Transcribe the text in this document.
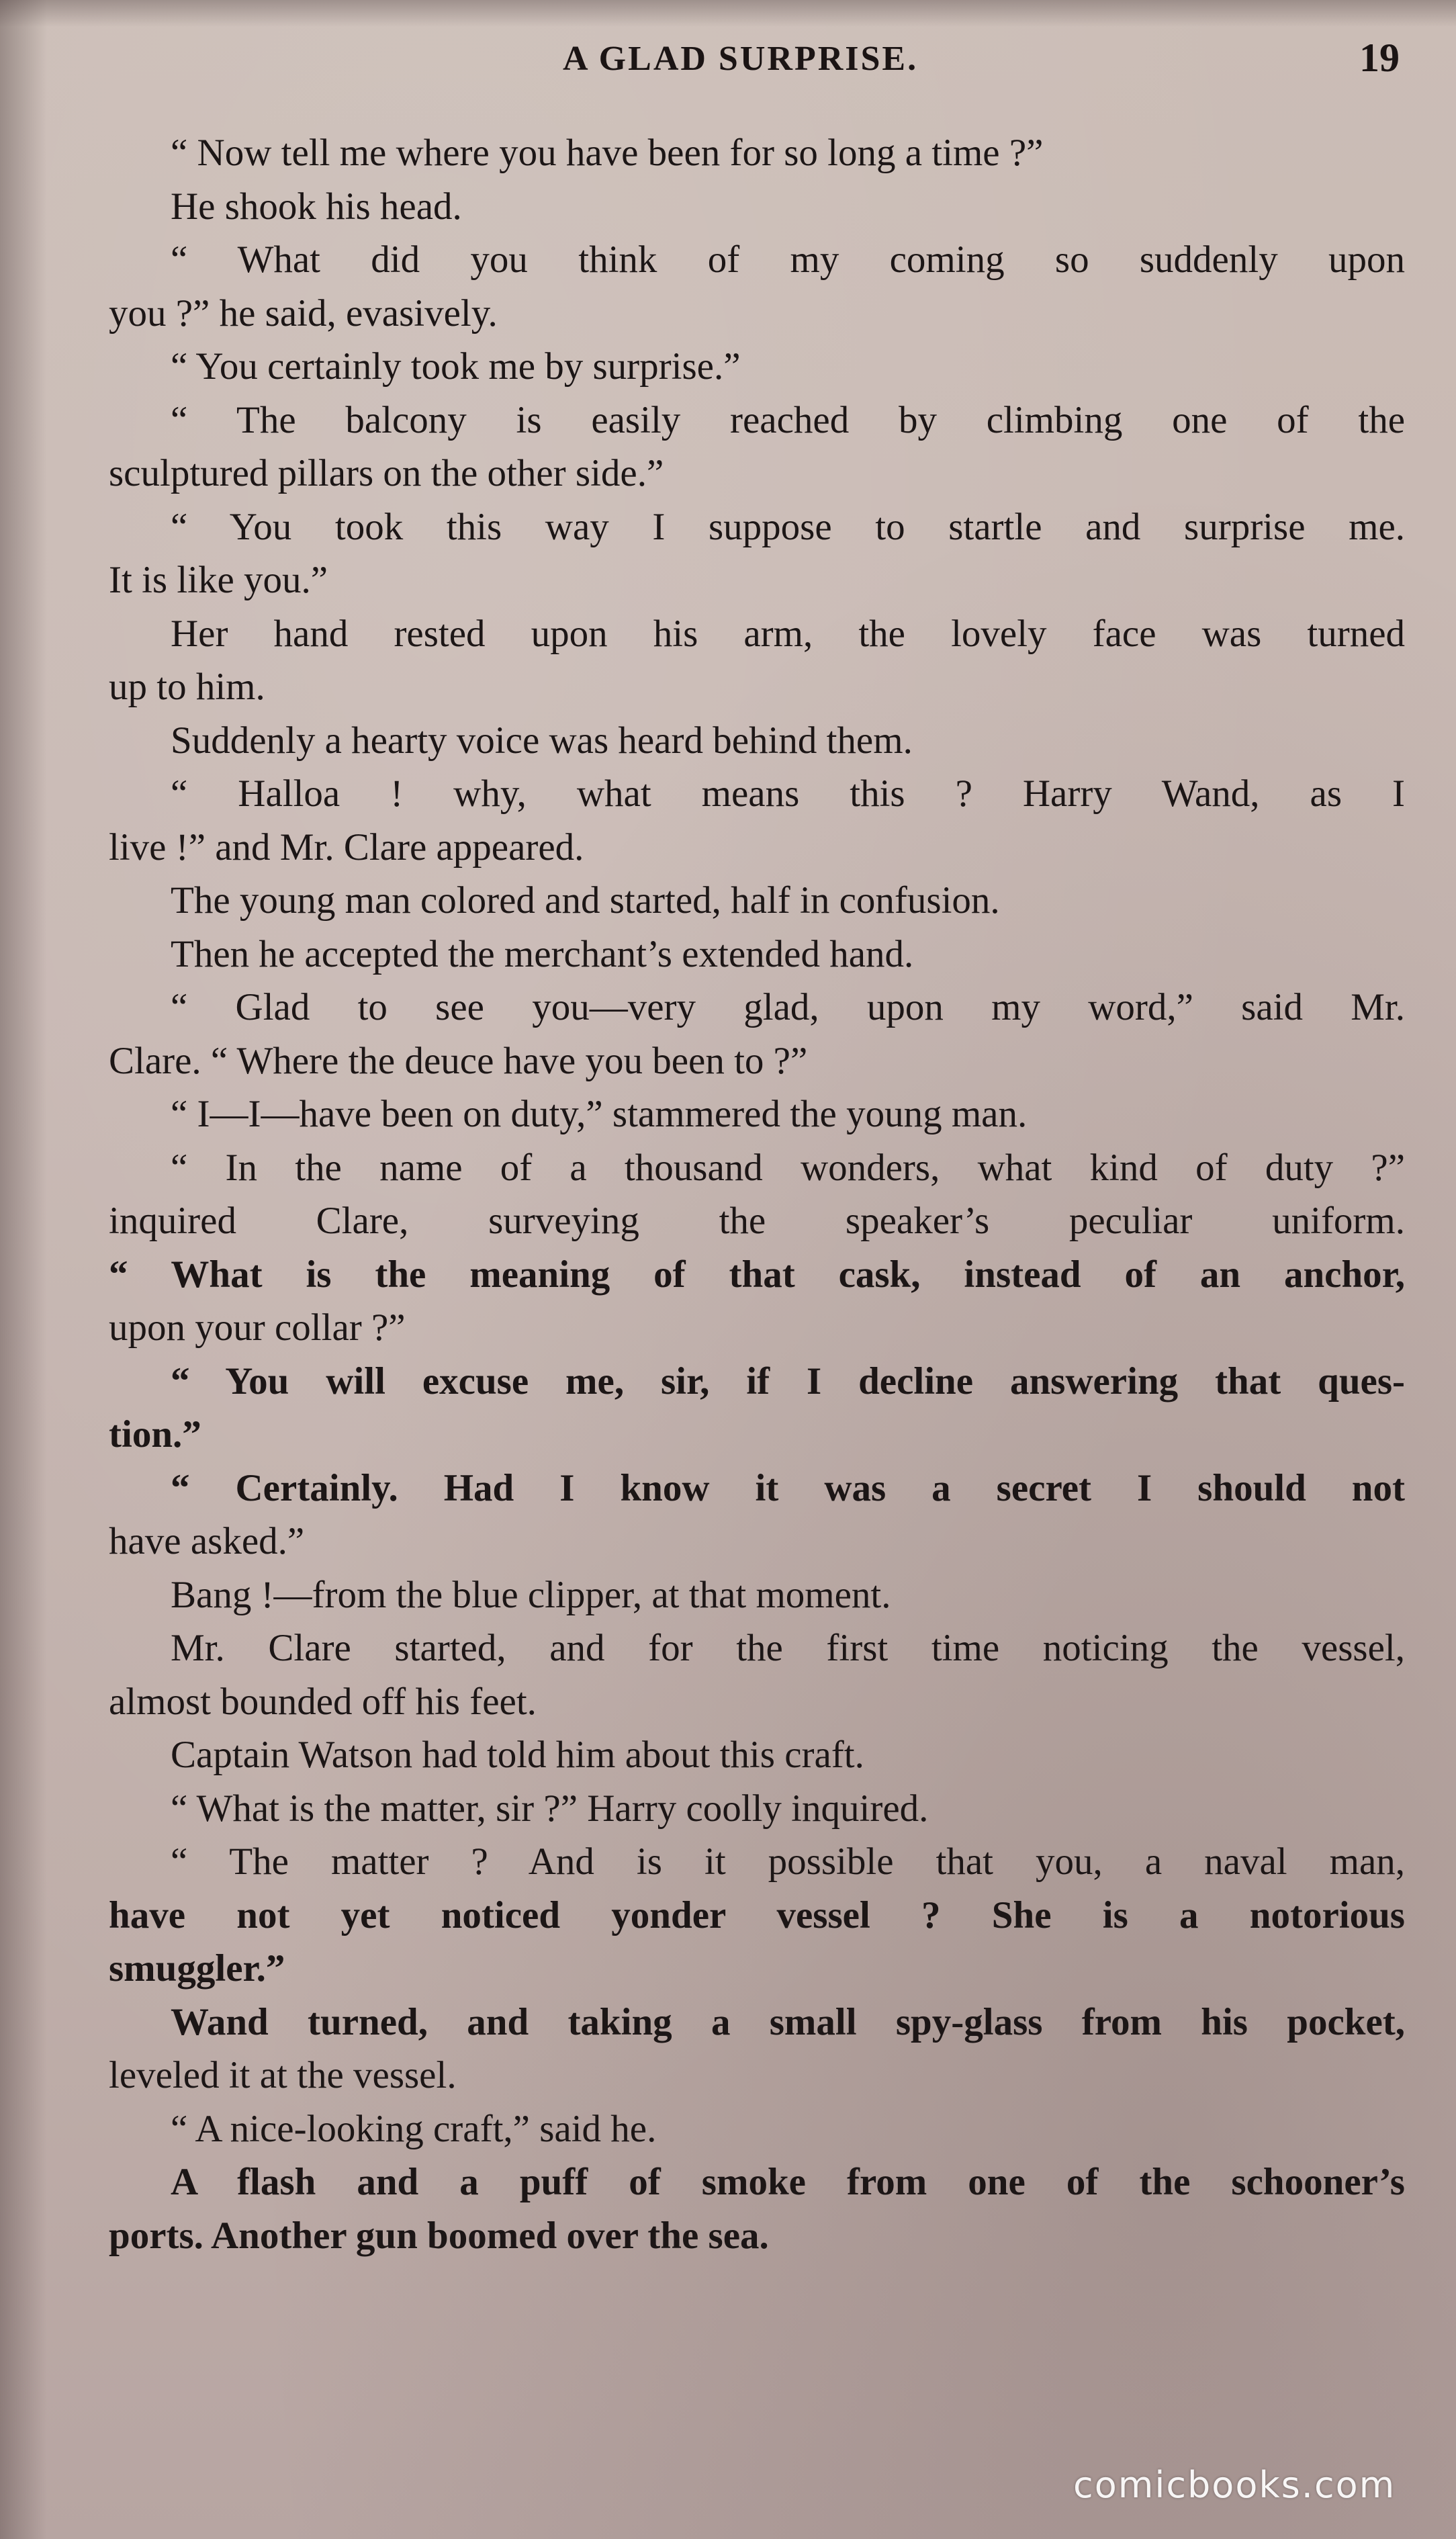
A GLAD SURPRISE.	19
“ Now tell me where you have been for so long a time ?”
He shook his head.
“ What did you think of my coming so suddenly upon
you ?” he said, evasively.
“ You certainly took me by surprise.”
“ The balcony is easily reached by climbing one of the
sculptured pillars on the other side.”
“ You took this way I suppose to startle and surprise me.
It is like you.”
Her hand rested upon his arm, the lovely face was turned
up to him.
Suddenly a hearty voice was heard behind them.
“ Halloa ! why, what means this ? Harry Wand, as I
live !” and Mr. Clare appeared.
The young man colored and started, half in confusion.
Then he accepted the merchant’s extended hand.
“ Glad to see you—very glad, upon my word,” said Mr.
Clare. “ Where the deuce have you been to ?”
“ I—I—have been on duty,” stammered the young man.
“ In the name of a thousand wonders, what kind of duty ?”
inquired Clare, surveying the speaker’s peculiar uniform.
“ What is the meaning of that cask, instead of an anchor,
upon your collar ?”
“ You will excuse me, sir, if I decline answering that ques-
tion.”
“ Certainly. Had I know it was a secret I should not
have asked.”
Bang !—from the blue clipper, at that moment.
Mr. Clare started, and for the first time noticing the vessel,
almost bounded off his feet.
Captain Watson had told him about this craft.
“ What is the matter, sir ?” Harry coolly inquired.
“ The matter ? And is it possible that you, a naval man,
have not yet noticed yonder vessel ? She is a notorious
smuggler.”
Wand turned, and taking a small spy-glass from his pocket,
leveled it at the vessel.
“ A nice-looking craft,” said he.
A flash and a puff of smoke from one of the schooner’s
ports. Another gun boomed over the sea.
comicbooks.com
